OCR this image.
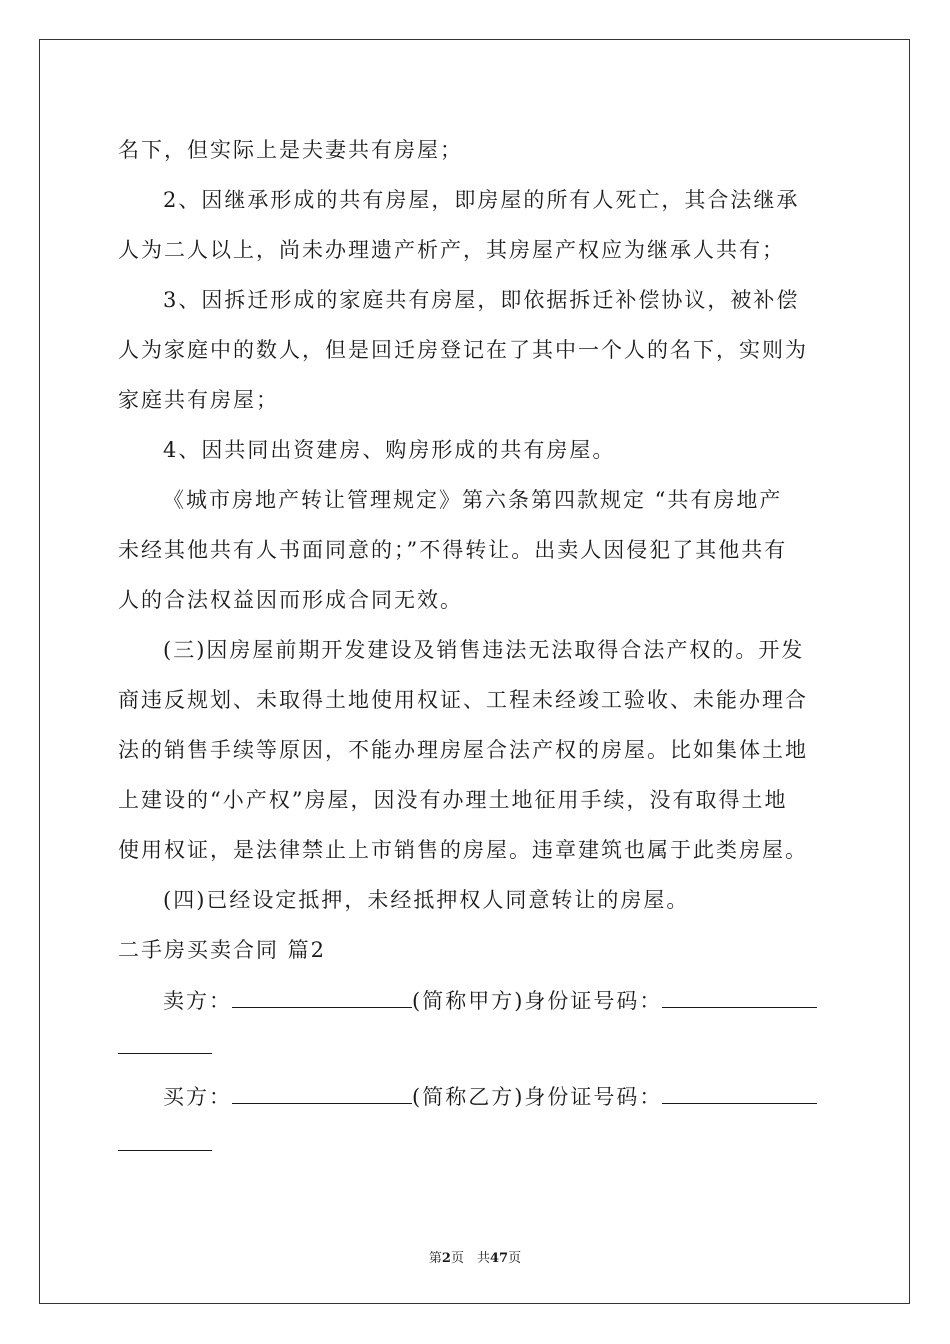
名下，但实际上是夫妻共有房屋；
2、因继承形成的共有房屋，即房屋的所有人死亡，其合法继承
人为二人以上，尚未办理遗产析产，其房屋产权应为继承人共有；
3、因拆迁形成的家庭共有房屋，即依据拆迁补偿协议，被补偿
人为家庭中的数人，但是回迁房登记在了其中一个人的名下，实则为
家庭共有房屋；
4、因共同出资建房、购房形成的共有房屋。
《城市房地产转让管理规定》第六条第四款规定 “共有房地产
未经其他共有人书面同意的；”不得转让。出卖人因侵犯了其他共有
人的合法权益因而形成合同无效。
(三)因房屋前期开发建设及销售违法无法取得合法产权的。开发
商违反规划、未取得土地使用权证、工程未经竣工验收、未能办理合
法的销售手续等原因，不能办理房屋合法产权的房屋。比如集体土地
上建设的“小产权”房屋，因没有办理土地征用手续，没有取得土地
使用权证，是法律禁止上市销售的房屋。违章建筑也属于此类房屋。
(四)已经设定抵押，未经抵押权人同意转让的房屋。
二手房买卖合同 篇2
卖方：	(简称甲方)身份证号码：
买方：	(简称乙方)身份证号码：
第2页　共47页
